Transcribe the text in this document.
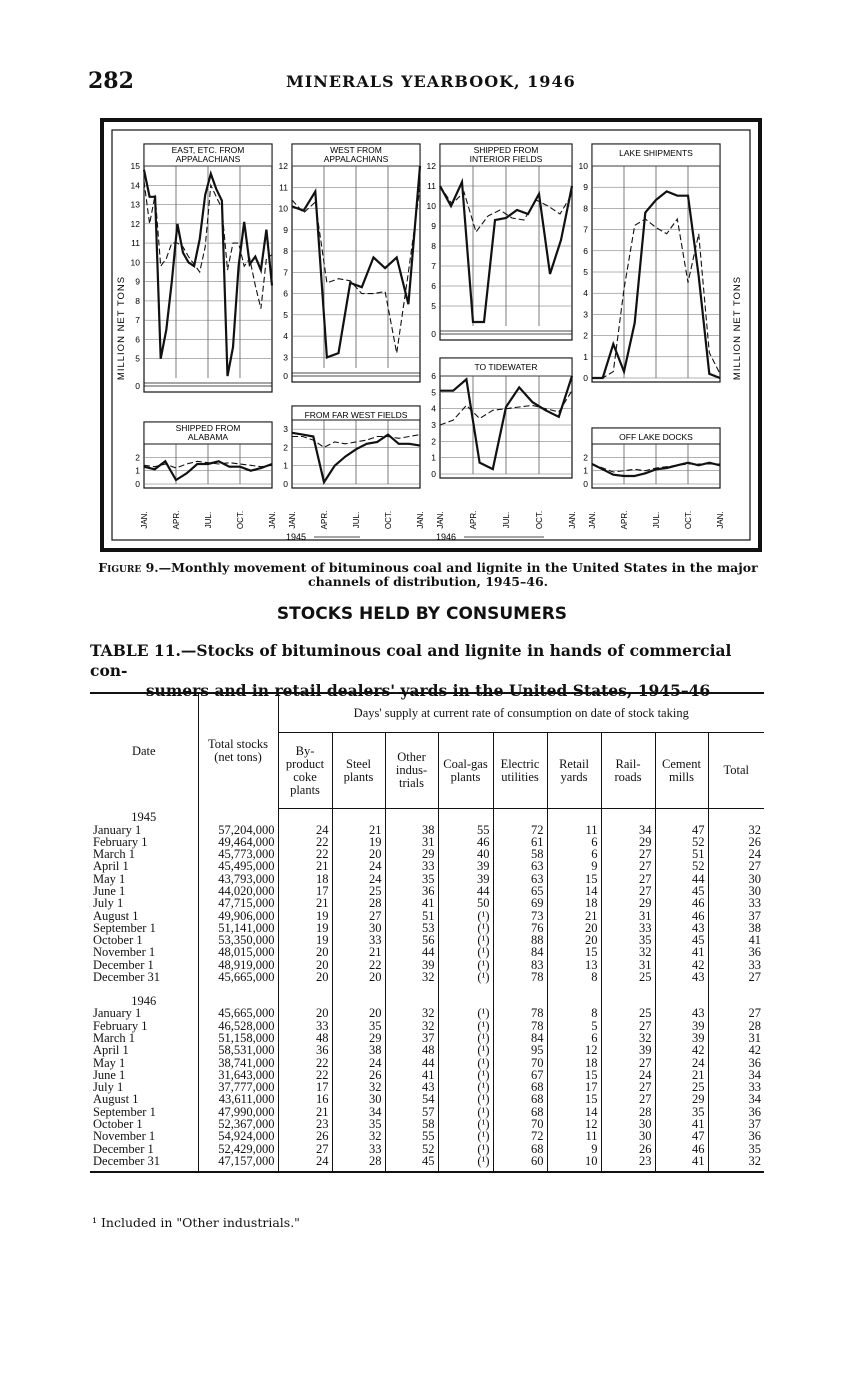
282	MINERALS YEARBOOK, 1946
EAST, ETC. FROM
APPALACHIANS
15
14
13
12
11
10
9
8
7
6
5
0
WEST FROM
APPALACHIANS
12
11
10
9
8
7
6
5
4
3
0
SHIPPED FROM
INTERIOR FIELDS
12
11
10
9
8
7
6
5
0
LAKE SHIPMENTS
10
9
8
7
6
5
4
3
2
1
0
TO TIDEWATER
6
5
4
3
2
1
0
SHIPPED FROM
ALABAMA
2
1
0
FROM FAR WEST FIELDS
3
2
1
0
OFF LAKE DOCKS
2
1
0
JAN.	APR.	JUL.	OCT.	JAN. JAN.	APR.	JUL.	OCT.	JAN. JAN.	APR.	JUL.	OCT.	JAN. JAN.	APR.	JUL.	OCT.	JAN.
1945	1946
MILLION NET TONS	MILLION NET TONS
Figure 9.—Monthly movement of bituminous coal and lignite in the United States in the major channels of distribution, 1945–46.
STOCKS HELD BY CONSUMERS
TABLE 11.—Stocks of bituminous coal and lignite in hands of commercial con-
sumers and in retail dealers' yards in the United States, 1945–46
Date	Total stocks (net tons)	Days' supply at current rate of consumption on date of stock taking								
		By-product coke plants	Steel plants	Other indus-trials	Coal-gas plants	Electric utilities	Retail yards	Rail-roads	Cement mills	Total
1945										
January 1	57,204,000	24	21	38	55	72	11	34	47	32
February 1	49,464,000	22	19	31	46	61	6	29	52	26
March 1	45,773,000	22	20	29	40	58	6	27	51	24
April 1	45,495,000	21	24	33	39	63	9	27	52	27
May 1	43,793,000	18	24	35	39	63	15	27	44	30
June 1	44,020,000	17	25	36	44	65	14	27	45	30
July 1	47,715,000	21	28	41	50	69	18	29	46	33
August 1	49,906,000	19	27	51	(¹)	73	21	31	46	37
September 1	51,141,000	19	30	53	(¹)	76	20	33	43	38
October 1	53,350,000	19	33	56	(¹)	88	20	35	45	41
November 1	48,015,000	20	21	44	(¹)	84	15	32	41	36
December 1	48,919,000	20	22	39	(¹)	83	13	31	42	33
December 31	45,665,000	20	20	32	(¹)	78	8	25	43	27
1946										
January 1	45,665,000	20	20	32	(¹)	78	8	25	43	27
February 1	46,528,000	33	35	32	(¹)	78	5	27	39	28
March 1	51,158,000	48	29	37	(¹)	84	6	32	39	31
April 1	58,531,000	36	38	48	(¹)	95	12	39	42	42
May 1	38,741,000	22	24	44	(¹)	70	18	27	24	36
June 1	31,643,000	22	26	41	(¹)	67	15	24	21	34
July 1	37,777,000	17	32	43	(¹)	68	17	27	25	33
August 1	43,611,000	16	30	54	(¹)	68	15	27	29	34
September 1	47,990,000	21	34	57	(¹)	68	14	28	35	36
October 1	52,367,000	23	35	58	(¹)	70	12	30	41	37
November 1	54,924,000	26	32	55	(¹)	72	11	30	47	36
December 1	52,429,000	27	33	52	(¹)	68	9	26	46	35
December 31	47,157,000	24	28	45	(¹)	60	10	23	41	32
¹ Included in "Other industrials."
